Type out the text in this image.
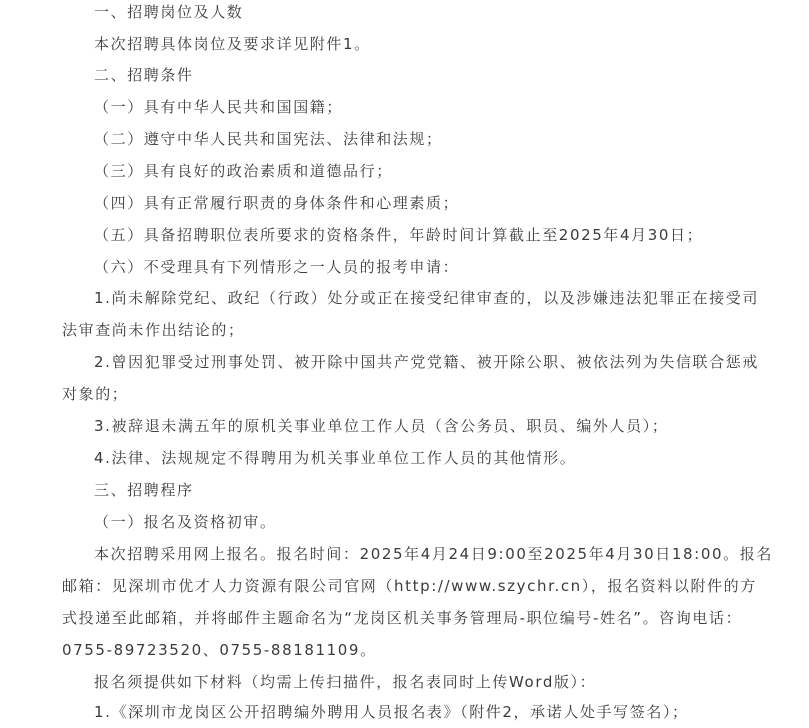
一、招聘岗位及人数

本次招聘具体岗位及要求详见附件1。

二、招聘条件

（一）具有中华人民共和国国籍；

（二）遵守中华人民共和国宪法、法律和法规；

（三）具有良好的政治素质和道德品行；

（四）具有正常履行职责的身体条件和心理素质；

（五）具备招聘职位表所要求的资格条件，年龄时间计算截止至2025年4月30日；

（六）不受理具有下列情形之一人员的报考申请：

1.尚未解除党纪、政纪（行政）处分或正在接受纪律审查的，以及涉嫌违法犯罪正在接受司

法审查尚未作出结论的；

2.曾因犯罪受过刑事处罚、被开除中国共产党党籍、被开除公职、被依法列为失信联合惩戒

对象的；

3.被辞退未满五年的原机关事业单位工作人员（含公务员、职员、编外人员）；

4.法律、法规规定不得聘用为机关事业单位工作人员的其他情形。

三、招聘程序

（一）报名及资格初审。

本次招聘采用网上报名。报名时间：2025年4月24日9:00至2025年4月30日18:00。报名

邮箱：见深圳市优才人力资源有限公司官网（http://www.szychr.cn），报名资料以附件的方

式投递至此邮箱，并将邮件主题命名为“龙岗区机关事务管理局-职位编号-姓名”。咨询电话：

0755-89723520、0755-88181109。

报名须提供如下材料（均需上传扫描件，报名表同时上传Word版）：

1.《深圳市龙岗区公开招聘编外聘用人员报名表》（附件2，承诺人处手写签名）；
